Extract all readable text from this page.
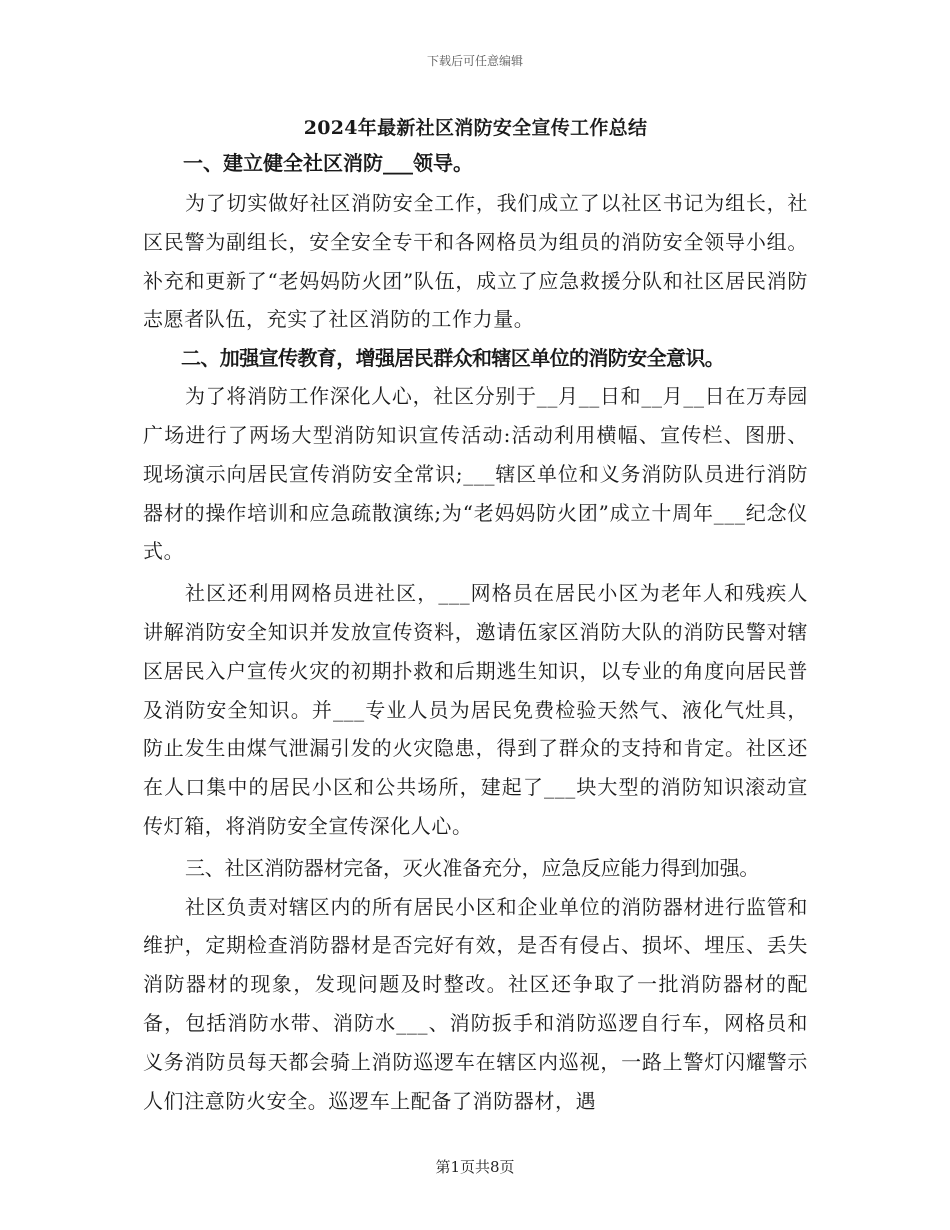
下载后可任意编辑
2024年最新社区消防安全宣传工作总结
一、建立健全社区消防___领导。

为了切实做好社区消防安全工作，我们成立了以社区书记为组长，社区民警为副组长，安全安全专干和各网格员为组员的消防安全领导小组。补充和更新了“老妈妈防火团”队伍，成立了应急救援分队和社区居民消防志愿者队伍，充实了社区消防的工作力量。

二、加强宣传教育，增强居民群众和辖区单位的消防安全意识。

为了将消防工作深化人心，社区分别于__月__日和__月__日在万寿园广场进行了两场大型消防知识宣传活动:活动利用横幅、宣传栏、图册、现场演示向居民宣传消防安全常识;___辖区单位和义务消防队员进行消防器材的操作培训和应急疏散演练;为“老妈妈防火团”成立十周年___纪念仪式。

社区还利用网格员进社区，___网格员在居民小区为老年人和残疾人讲解消防安全知识并发放宣传资料，邀请伍家区消防大队的消防民警对辖区居民入户宣传火灾的初期扑救和后期逃生知识，以专业的角度向居民普及消防安全知识。并___专业人员为居民免费检验天然气、液化气灶具，防止发生由煤气泄漏引发的火灾隐患，得到了群众的支持和肯定。社区还在人口集中的居民小区和公共场所，建起了___块大型的消防知识滚动宣传灯箱，将消防安全宣传深化人心。

三、社区消防器材完备，灭火准备充分，应急反应能力得到加强。

社区负责对辖区内的所有居民小区和企业单位的消防器材进行监管和维护，定期检查消防器材是否完好有效，是否有侵占、损坏、埋压、丢失消防器材的现象，发现问题及时整改。社区还争取了一批消防器材的配备，包括消防水带、消防水___、消防扳手和消防巡逻自行车，网格员和义务消防员每天都会骑上消防巡逻车在辖区内巡视，一路上警灯闪耀警示人们注意防火安全。巡逻车上配备了消防器材，遇

第1页共8页
